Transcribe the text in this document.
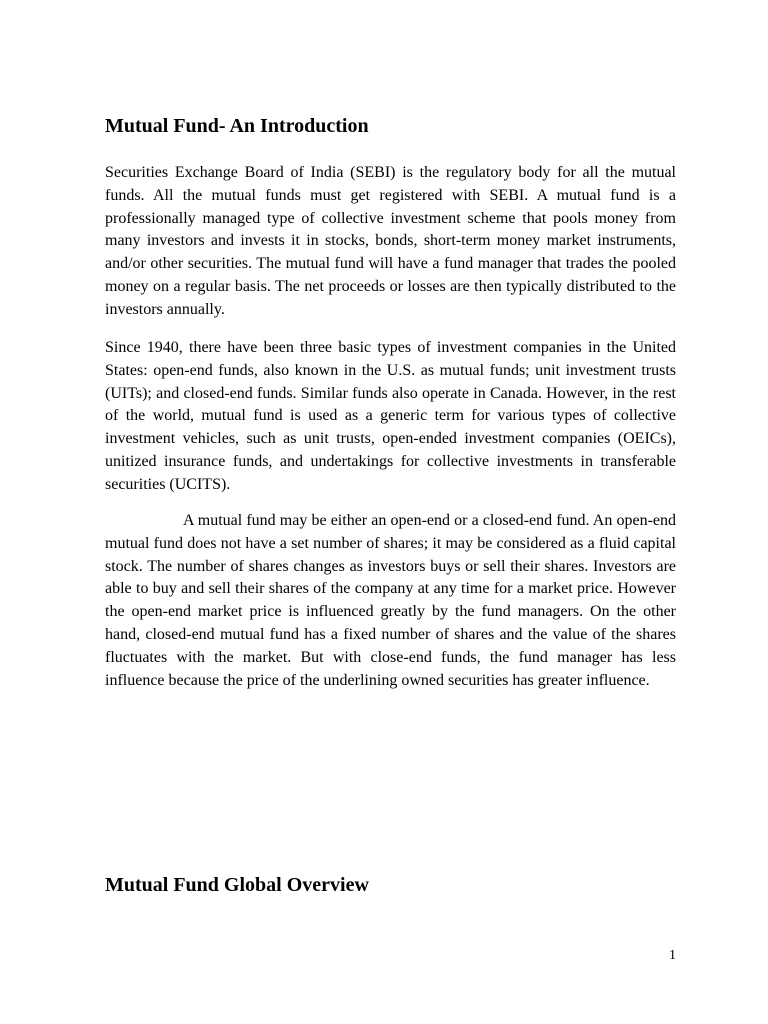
Mutual Fund- An Introduction

Securities Exchange Board of India (SEBI) is the regulatory body for all the mutual funds. All the mutual funds must get registered with SEBI. A mutual fund is a professionally managed type of collective investment scheme that pools money from many investors and invests it in stocks, bonds, short-term money market instruments, and/or other securities. The mutual fund will have a fund manager that trades the pooled money on a regular basis. The net proceeds or losses are then typically distributed to the investors annually.

Since 1940, there have been three basic types of investment companies in the United States: open-end funds, also known in the U.S. as mutual funds; unit investment trusts (UITs); and closed-end funds. Similar funds also operate in Canada. However, in the rest of the world, mutual fund is used as a generic term for various types of collective investment vehicles, such as unit trusts, open-ended investment companies (OEICs), unitized insurance funds, and undertakings for collective investments in transferable securities (UCITS).

A mutual fund may be either an open-end or a closed-end fund. An open-end mutual fund does not have a set number of shares; it may be considered as a fluid capital stock. The number of shares changes as investors buys or sell their shares. Investors are able to buy and sell their shares of the company at any time for a market price. However the open-end market price is influenced greatly by the fund managers. On the other hand, closed-end mutual fund has a fixed number of shares and the value of the shares fluctuates with the market. But with close-end funds, the fund manager has less influence because the price of the underlining owned securities has greater influence.

Mutual Fund Global Overview
1
